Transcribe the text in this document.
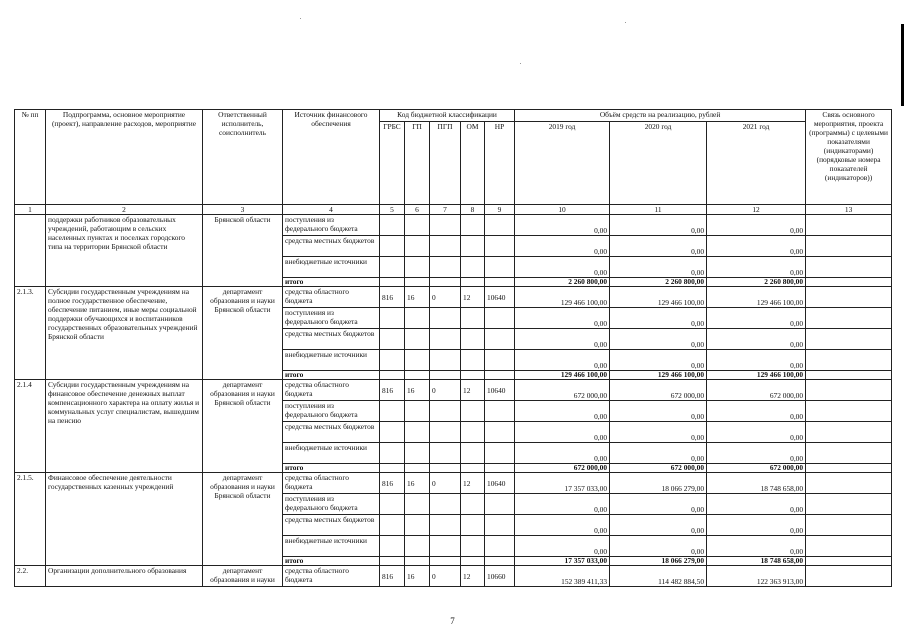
№ пп	Подпрограмма, основное мероприятие (проект), направление расходов, мероприятие	Ответственный исполнитель, соисполнитель	Источник финансового обеспечения	Код бюджетной классификации					Объём средств на реализацию, рублей			Связь основного мероприятия, проекта (программы) с целевыми показателями (индикаторами) (порядковые номера показателей (индикаторов))
				ГРБС	ГП	ПГП	ОМ	НР	2019 год	2020 год	2021 год	
1	2	3	4	5	6	7	8	9	10	11	12	13
	поддержки работников образовательных учреждений, работающим в сельских населенных пунктах и поселках городского типа на территории Брянской области	Брянской области	поступления из федерального бюджета						0,00	0,00	0,00	
			средства местных бюджетов						0,00	0,00	0,00	
			внебюджетные источники						0,00	0,00	0,00	
			итого						2 260 800,00	2 260 800,00	2 260 800,00	
2.1.3.	Субсидии государственным учреждениям на полное государственное обеспечение, обеспечение питанием, иные меры социальной поддержки обучающихся и воспитанников государственных образовательных учреждений Брянской области	департамент образования и науки Брянской области	средства областного бюджета	816	16	0	12	10640	129 466 100,00	129 466 100,00	129 466 100,00	
			поступления из федерального бюджета						0,00	0,00	0,00	
			средства местных бюджетов						0,00	0,00	0,00	
			внебюджетные источники						0,00	0,00	0,00	
			итого						129 466 100,00	129 466 100,00	129 466 100,00	
2.1.4	Субсидии государственным учреждениям на финансовое обеспечение денежных выплат компенсационного характера на оплату жилья и коммунальных услуг специалистам, вышедшим на пенсию	департамент образования и науки Брянской области	средства областного бюджета	816	16	0	12	10640	672 000,00	672 000,00	672 000,00	
			поступления из федерального бюджета						0,00	0,00	0,00	
			средства местных бюджетов						0,00	0,00	0,00	
			внебюджетные источники						0,00	0,00	0,00	
			итого						672 000,00	672 000,00	672 000,00	
2.1.5.	Финансовое обеспечение деятельности государственных казенных учреждений	департамент образования и науки Брянской области	средства областного бюджета	816	16	0	12	10640	17 357 033,00	18 066 279,00	18 748 658,00	
			поступления из федерального бюджета						0,00	0,00	0,00	
			средства местных бюджетов						0,00	0,00	0,00	
			внебюджетные источники						0,00	0,00	0,00	
			итого						17 357 033,00	18 066 279,00	18 748 658,00	
2.2.	Организации дополнительного образования	департамент образования и науки	средства областного бюджета	816	16	0	12	10660	152 389 411,33	114 482 884,50	122 363 913,00	
7
